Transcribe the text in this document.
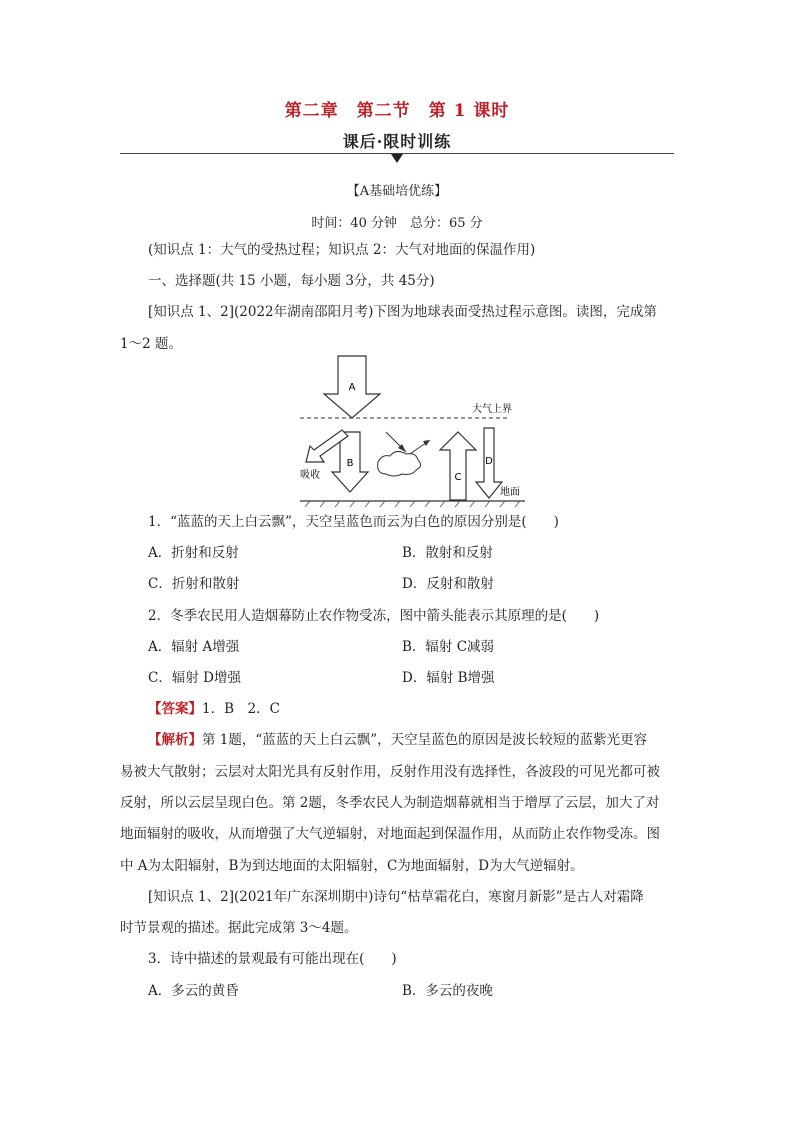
第二章　第二节　第 1 课时
课后·限时训练
【A基础培优练】
时间：40 分钟　总分：65 分
(知识点 1：大气的受热过程；知识点 2：大气对地面的保温作用)
一、选择题(共 15 小题，每小题 3分，共 45分)
[知识点 1、2](2022年湖南邵阳月考)下图为地球表面受热过程示意图。读图，完成第
1～2 题。
A
B
吸收	C
D
大气上界
地面
1．“蓝蓝的天上白云飘”，天空呈蓝色而云为白色的原因分别是(　　)
A．折射和反射	B．散射和反射
C．折射和散射	D．反射和散射
2．冬季农民用人造烟幕防止农作物受冻，图中箭头能表示其原理的是(　　)
A．辐射 A增强	B．辐射 C减弱
C．辐射 D增强	D．辐射 B增强
【答案】1．B　2．C
【解析】第 1题，“蓝蓝的天上白云飘”，天空呈蓝色的原因是波长较短的蓝紫光更容
易被大气散射；云层对太阳光具有反射作用，反射作用没有选择性，各波段的可见光都可被
反射，所以云层呈现白色。第 2题，冬季农民人为制造烟幕就相当于增厚了云层，加大了对
地面辐射的吸收，从而增强了大气逆辐射，对地面起到保温作用，从而防止农作物受冻。图
中 A为太阳辐射，B为到达地面的太阳辐射，C为地面辐射，D为大气逆辐射。
[知识点 1、2](2021年广东深圳期中)诗句“枯草霜花白，寒窗月新影”是古人对霜降
时节景观的描述。据此完成第 3～4题。
3．诗中描述的景观最有可能出现在(　　)
A．多云的黄昏	B．多云的夜晚
